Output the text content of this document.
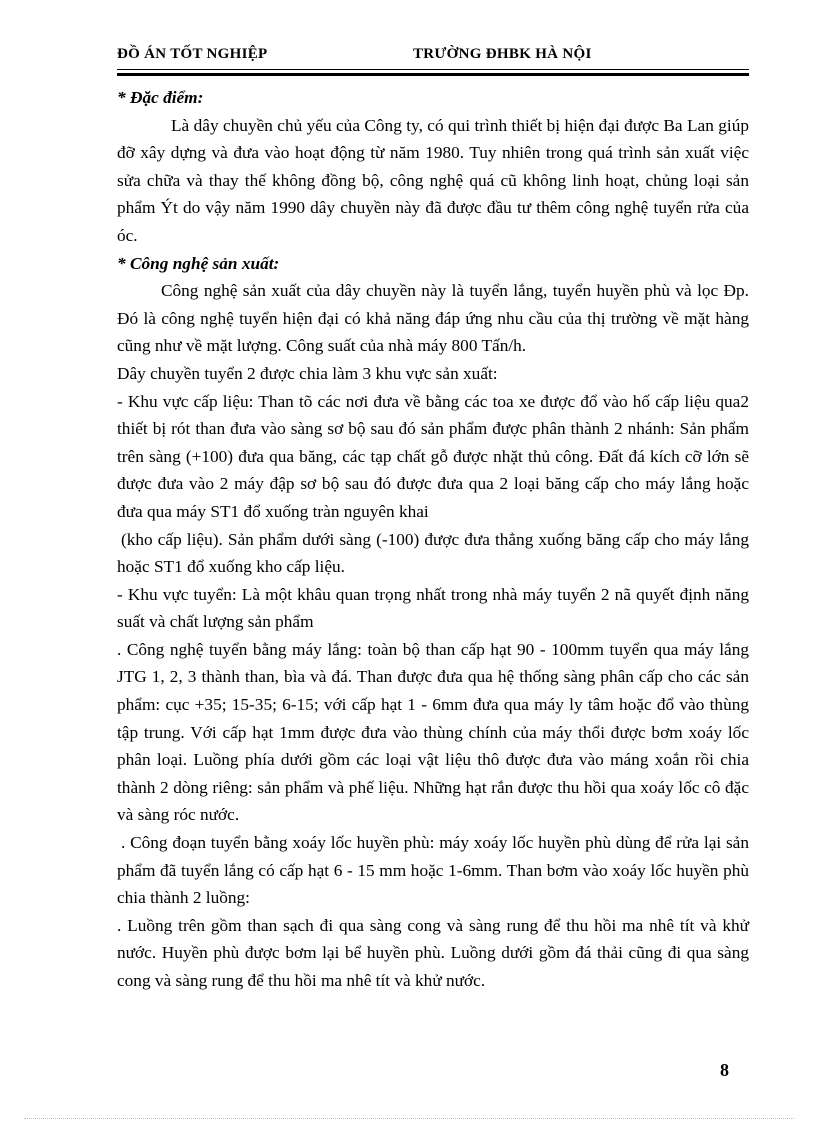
ĐỒ ÁN TỐT NGHIỆP	TRƯỜNG ĐHBK HÀ NỘI

* Đặc điểm:

Là dây chuyền chủ yếu của Công ty, có qui trình thiết bị hiện đại được Ba Lan giúp đỡ xây dựng và đưa vào hoạt động từ năm 1980. Tuy nhiên trong quá trình sản xuất việc sửa chữa và thay thế không đồng bộ, công nghệ quá cũ không linh hoạt, chủng loại sản phẩm Ýt do vậy năm 1990 dây chuyền này đã được đầu tư thêm công nghệ tuyển rửa của óc.

* Công nghệ sản xuất:

Công nghệ sản xuất của dây chuyền này là tuyển lắng, tuyển huyền phù và lọc Đp. Đó là công nghệ tuyển hiện đại có khả năng đáp ứng nhu cầu của thị trường về mặt hàng cũng như về mặt lượng. Công suất của nhà máy 800 Tấn/h.

Dây chuyền tuyển 2 được chia làm 3 khu vực sản xuất:

- Khu vực cấp liệu: Than tõ các nơi đưa về bằng các toa xe được đổ vào hố cấp liệu qua2 thiết bị rót than đưa vào sàng sơ bộ sau đó sản phẩm được phân thành 2 nhánh: Sản phẩm trên sàng (+100) đưa qua băng, các tạp chất gỗ được nhặt thủ công. Đất đá kích cỡ lớn sẽ được đưa vào 2 máy đập sơ bộ sau đó được đưa qua 2 loại băng cấp cho máy lắng hoặc đưa qua máy ST1 đổ xuống tràn nguyên khai

(kho cấp liệu). Sản phẩm dưới sàng (-100) được đưa thẳng xuống băng cấp cho máy lắng hoặc ST1 đổ xuống kho cấp liệu.

- Khu vực tuyển: Là một khâu quan trọng nhất trong nhà máy tuyển 2 nã quyết định năng suất và chất lượng sản phẩm

. Công nghệ tuyển bằng máy lắng: toàn bộ than cấp hạt 90 - 100mm tuyển qua máy lắng JTG 1, 2, 3 thành than, bìa và đá. Than được đưa qua hệ thống sàng phân cấp cho các sản phẩm: cục +35; 15-35; 6-15; với cấp hạt 1 - 6mm đưa qua máy ly tâm hoặc đổ vào thùng tập trung. Với cấp hạt 1mm được đưa vào thùng chính của máy thổi được bơm xoáy lốc phân loại. Luồng phía dưới gồm các loại vật liệu thô được đưa vào máng xoắn rồi chia thành 2 dòng riêng: sản phẩm và phế liệu. Những hạt rắn được thu hồi qua xoáy lốc cô đặc và sàng róc nước.

. Công đoạn tuyển bằng xoáy lốc huyền phù: máy xoáy lốc huyền phù dùng để rửa lại sản phẩm đã tuyển lắng có cấp hạt 6 - 15 mm hoặc 1-6mm. Than bơm vào xoáy lốc huyền phù chia thành 2 luồng:

. Luồng trên gồm than sạch đi qua sàng cong và sàng rung để thu hồi ma nhê tít và khử nước. Huyền phù được bơm lại bể huyền phù. Luồng dưới gồm đá thải cũng đi qua sàng cong và sàng rung để thu hồi ma nhê tít và khử nước.

8
